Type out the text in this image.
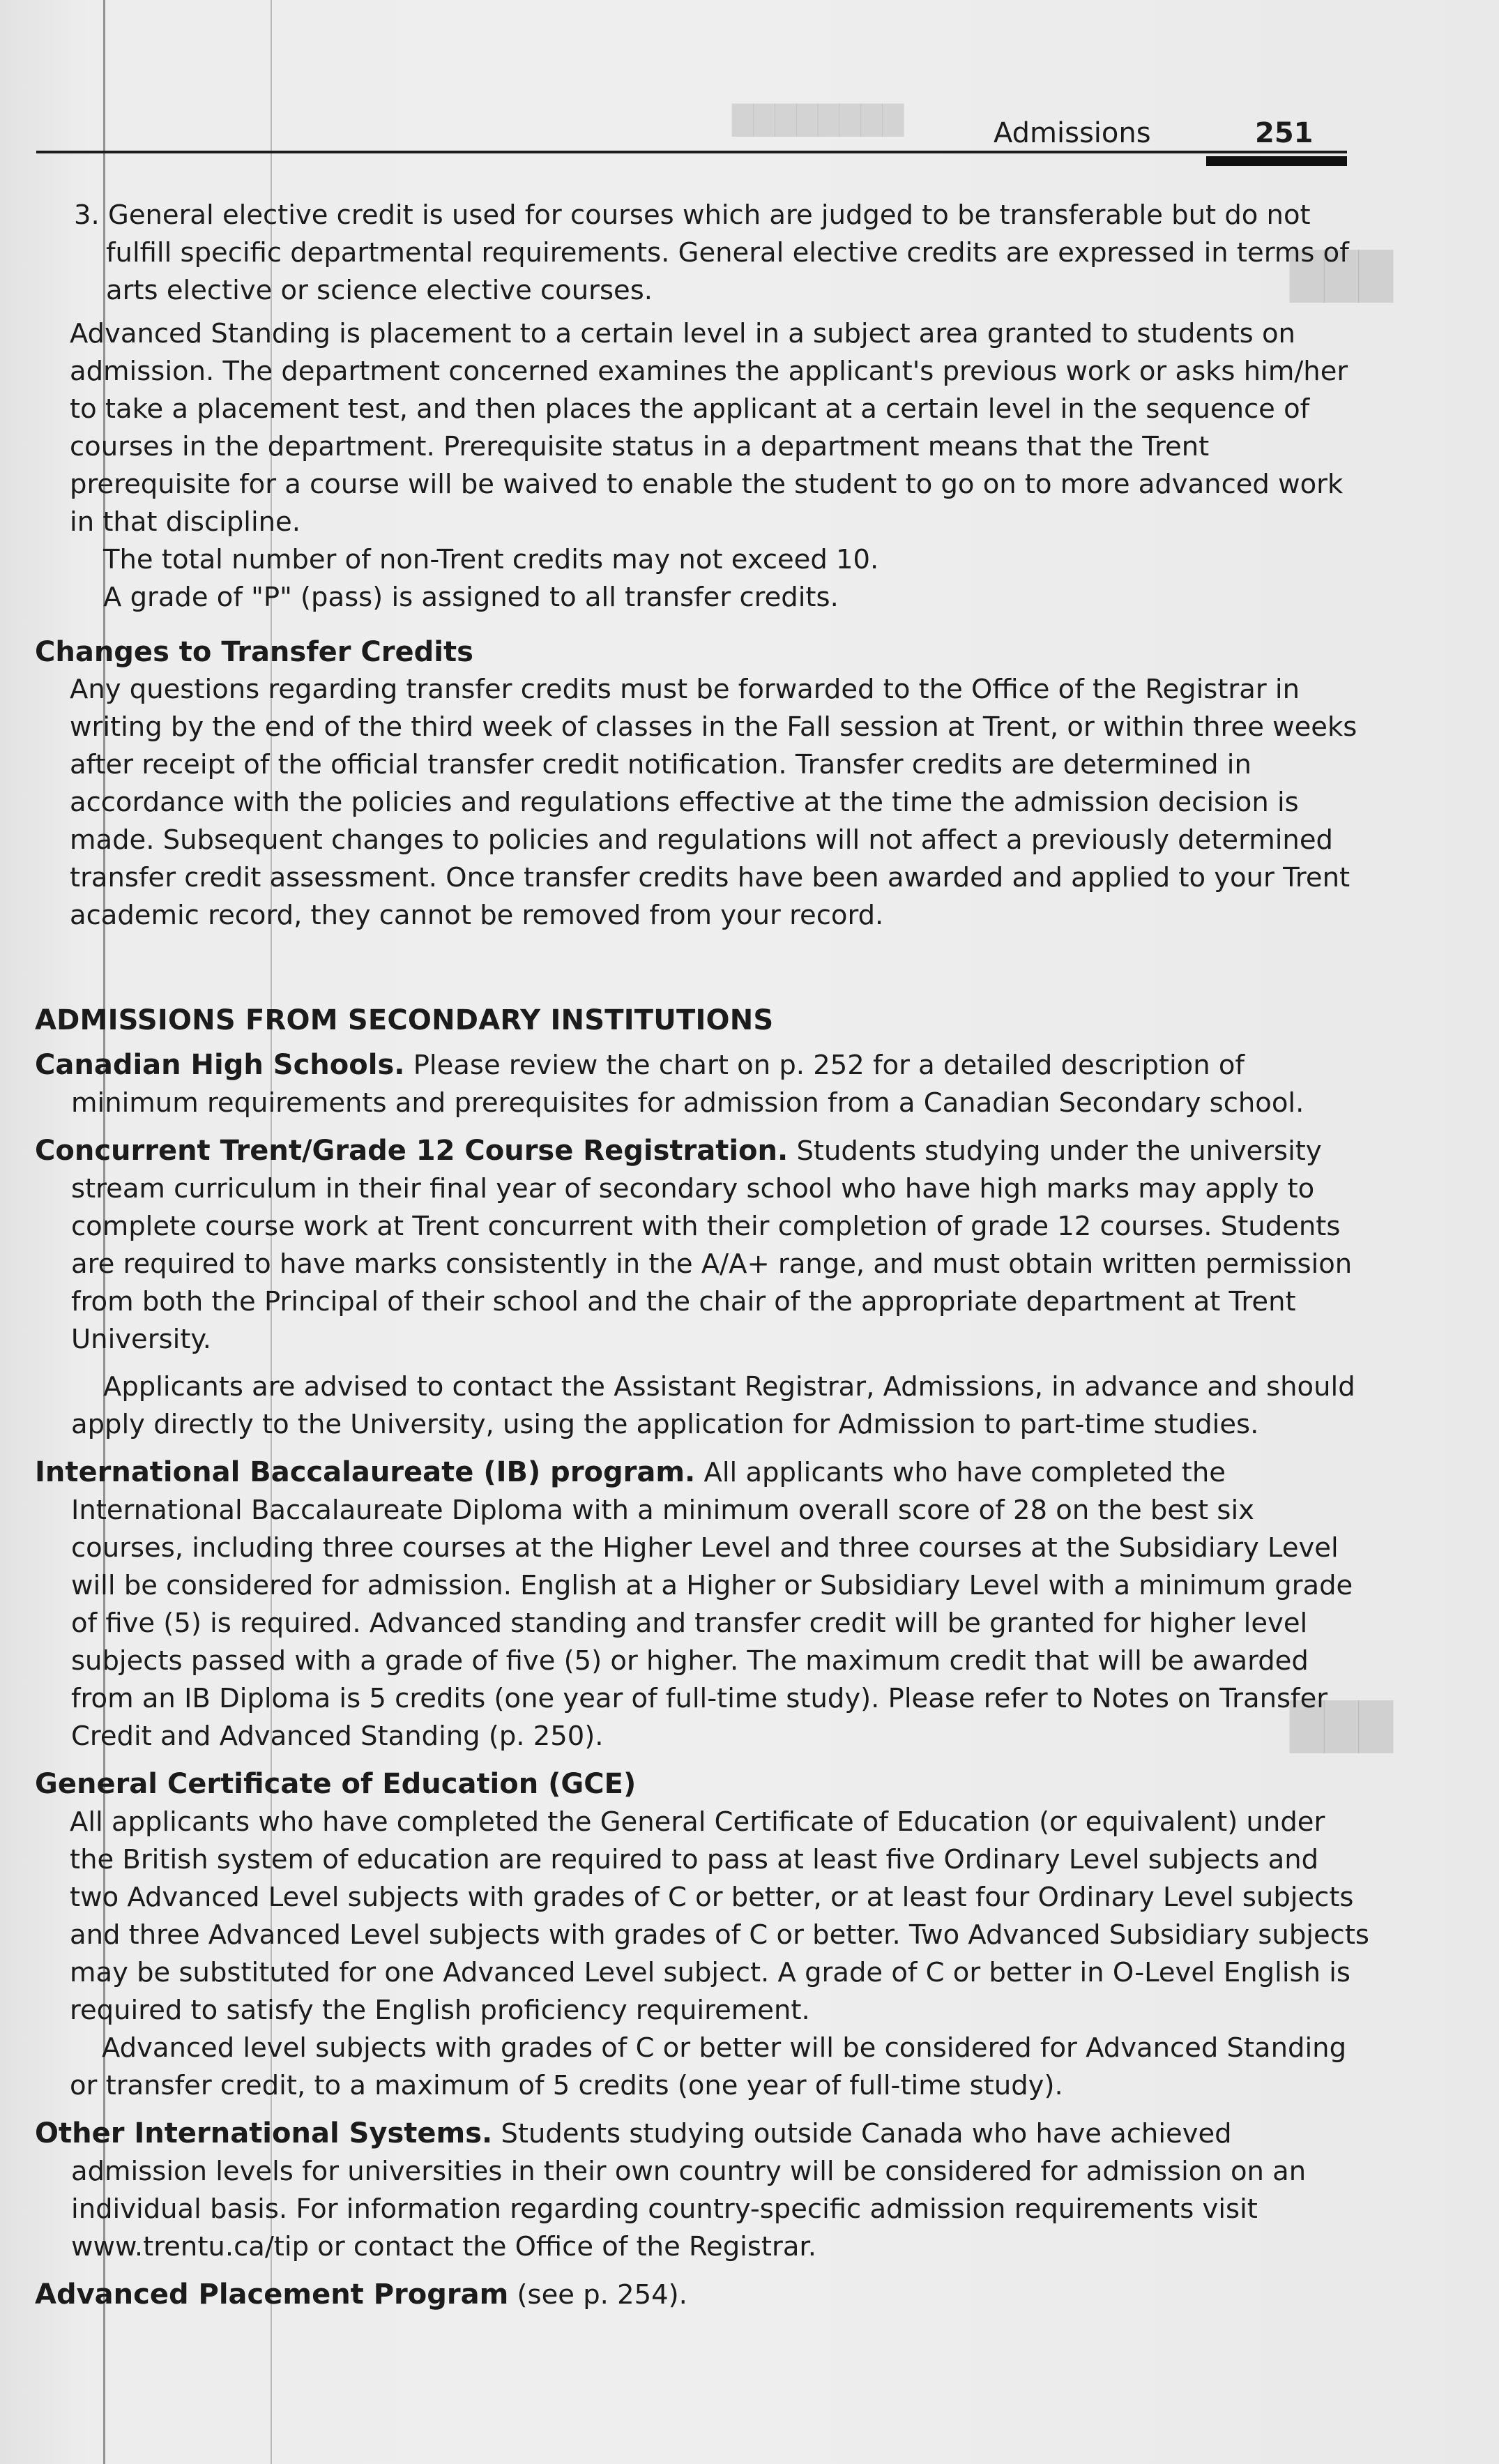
████████
███
███
Admissions	251

3. General elective credit is used for courses which are judged to be transferable but do not fulfill specific departmental requirements. General elective credits are expressed in terms of arts elective or science elective courses.

Advanced Standing is placement to a certain level in a subject area granted to students on admission. The department concerned examines the applicant's previous work or asks him/her to take a placement test, and then places the applicant at a certain level in the sequence of courses in the department. Prerequisite status in a department means that the Trent prerequisite for a course will be waived to enable the student to go on to more advanced work in that discipline.

The total number of non-Trent credits may not exceed 10.

A grade of "P" (pass) is assigned to all transfer credits.

Changes to Transfer Credits

Any questions regarding transfer credits must be forwarded to the Office of the Registrar in writing by the end of the third week of classes in the Fall session at Trent, or within three weeks after receipt of the official transfer credit notification. Transfer credits are determined in accordance with the policies and regulations effective at the time the admission decision is made. Subsequent changes to policies and regulations will not affect a previously determined transfer credit assessment. Once transfer credits have been awarded and applied to your Trent academic record, they cannot be removed from your record.

ADMISSIONS FROM SECONDARY INSTITUTIONS

Canadian High Schools. Please review the chart on p. 252 for a detailed description of minimum requirements and prerequisites for admission from a Canadian Secondary school.

Concurrent Trent/Grade 12 Course Registration. Students studying under the university stream curriculum in their final year of secondary school who have high marks may apply to complete course work at Trent concurrent with their completion of grade 12 courses. Students are required to have marks consistently in the A/A+ range, and must obtain written permission from both the Principal of their school and the chair of the appropriate department at Trent University.

Applicants are advised to contact the Assistant Registrar, Admissions, in advance and should apply directly to the University, using the application for Admission to part-time studies.

International Baccalaureate (IB) program. All applicants who have completed the International Baccalaureate Diploma with a minimum overall score of 28 on the best six courses, including three courses at the Higher Level and three courses at the Subsidiary Level will be considered for admission. English at a Higher or Subsidiary Level with a minimum grade of five (5) is required. Advanced standing and transfer credit will be granted for higher level subjects passed with a grade of five (5) or higher. The maximum credit that will be awarded from an IB Diploma is 5 credits (one year of full-time study). Please refer to Notes on Transfer Credit and Advanced Standing (p. 250).

General Certificate of Education (GCE)

All applicants who have completed the General Certificate of Education (or equivalent) under the British system of education are required to pass at least five Ordinary Level subjects and two Advanced Level subjects with grades of C or better, or at least four Ordinary Level subjects and three Advanced Level subjects with grades of C or better. Two Advanced Subsidiary subjects may be substituted for one Advanced Level subject. A grade of C or better in O-Level English is required to satisfy the English proficiency requirement.

Advanced level subjects with grades of C or better will be considered for Advanced Standing or transfer credit, to a maximum of 5 credits (one year of full-time study).

Other International Systems. Students studying outside Canada who have achieved admission levels for universities in their own country will be considered for admission on an individual basis. For information regarding country-specific admission requirements visit www.trentu.ca/tip or contact the Office of the Registrar.

Advanced Placement Program (see p. 254).
